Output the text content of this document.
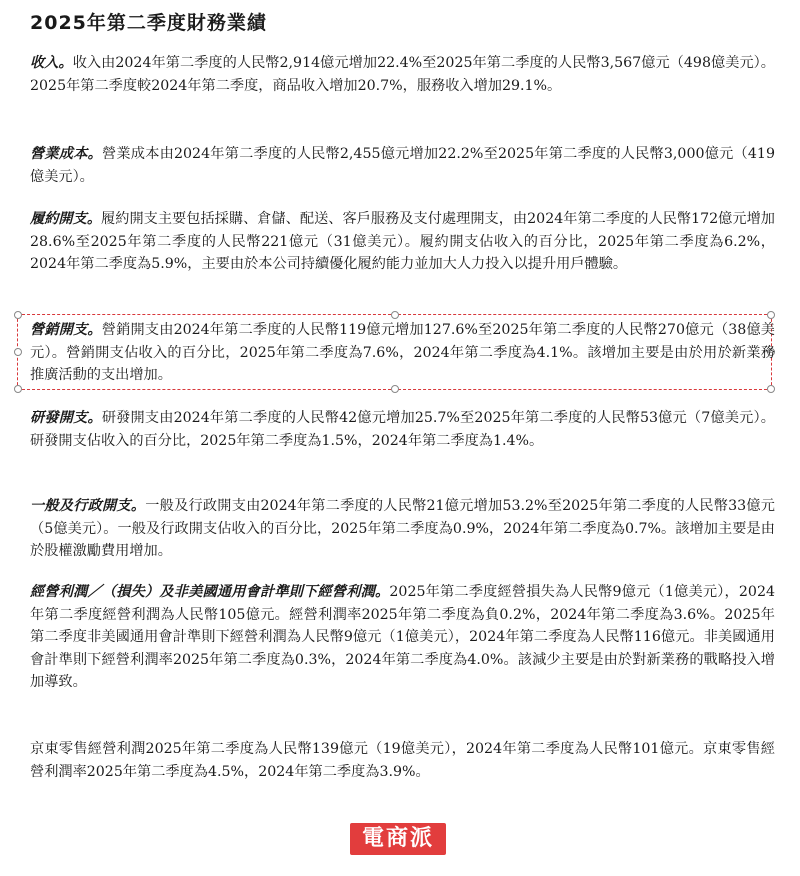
2025年第二季度財務業績

收入。收入由2024年第二季度的人民幣2,914億元增加22.4%至2025年第二季度的人民幣3,567億元（498億美元）。2025年第二季度較2024年第二季度，商品收入增加20.7%，服務收入增加29.1%。

營業成本。營業成本由2024年第二季度的人民幣2,455億元增加22.2%至2025年第二季度的人民幣3,000億元（419億美元）。

履約開支。履約開支主要包括採購、倉儲、配送、客戶服務及支付處理開支，由2024年第二季度的人民幣172億元增加28.6%至2025年第二季度的人民幣221億元（31億美元）。履約開支佔收入的百分比，2025年第二季度為6.2%，2024年第二季度為5.9%，主要由於本公司持續優化履約能力並加大人力投入以提升用戶體驗。

營銷開支。營銷開支由2024年第二季度的人民幣119億元增加127.6%至2025年第二季度的人民幣270億元（38億美元）。營銷開支佔收入的百分比，2025年第二季度為7.6%，2024年第二季度為4.1%。該增加主要是由於用於新業務推廣活動的支出增加。

研發開支。研發開支由2024年第二季度的人民幣42億元增加25.7%至2025年第二季度的人民幣53億元（7億美元）。研發開支佔收入的百分比，2025年第二季度為1.5%，2024年第二季度為1.4%。

一般及行政開支。一般及行政開支由2024年第二季度的人民幣21億元增加53.2%至2025年第二季度的人民幣33億元（5億美元）。一般及行政開支佔收入的百分比，2025年第二季度為0.9%，2024年第二季度為0.7%。該增加主要是由於股權激勵費用增加。

經營利潤／（損失）及非美國通用會計準則下經營利潤。2025年第二季度經營損失為人民幣9億元（1億美元），2024年第二季度經營利潤為人民幣105億元。經營利潤率2025年第二季度為負0.2%，2024年第二季度為3.6%。2025年第二季度非美國通用會計準則下經營利潤為人民幣9億元（1億美元），2024年第二季度為人民幣116億元。非美國通用會計準則下經營利潤率2025年第二季度為0.3%，2024年第二季度為4.0%。該減少主要是由於對新業務的戰略投入增加導致。

京東零售經營利潤2025年第二季度為人民幣139億元（19億美元），2024年第二季度為人民幣101億元。京東零售經營利潤率2025年第二季度為4.5%，2024年第二季度為3.9%。

電商派
